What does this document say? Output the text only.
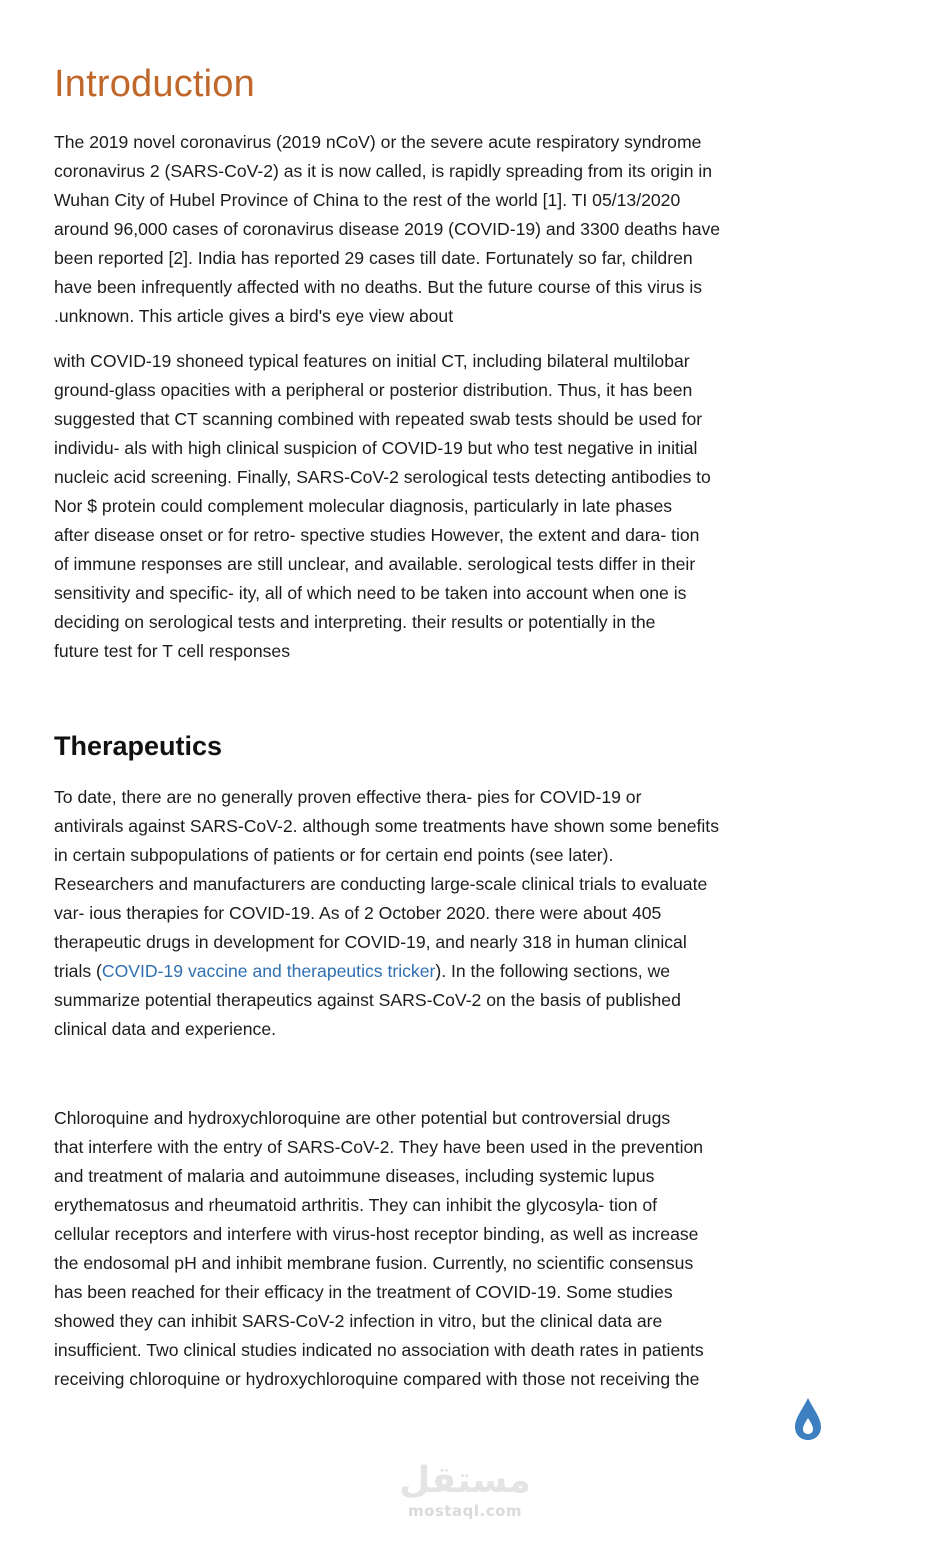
Introduction

The 2019 novel coronavirus (2019 nCoV) or the severe acute respiratory syndrome
coronavirus 2 (SARS-CoV-2) as it is now called, is rapidly spreading from its origin in
Wuhan City of Hubel Province of China to the rest of the world [1]. TI 05/13/2020
around 96,000 cases of coronavirus disease 2019 (COVID-19) and 3300 deaths have
been reported [2]. India has reported 29 cases till date. Fortunately so far, children
have been infrequently affected with no deaths. But the future course of this virus is
.unknown. This article gives a bird's eye view about

with COVID-19 shoneed typical features on initial CT, including bilateral multilobar
ground-glass opacities with a peripheral or posterior distribution. Thus, it has been
suggested that CT scanning combined with repeated swab tests should be used for
individu- als with high clinical suspicion of COVID-19 but who test negative in initial
nucleic acid screening. Finally, SARS-CoV-2 serological tests detecting antibodies to
Nor $ protein could complement molecular diagnosis, particularly in late phases
after disease onset or for retro- spective studies However, the extent and dara- tion
of immune responses are still unclear, and available. serological tests differ in their
sensitivity and specific- ity, all of which need to be taken into account when one is
deciding on serological tests and interpreting. their results or potentially in the
future test for T cell responses

Therapeutics

To date, there are no generally proven effective thera- pies for COVID-19 or
antivirals against SARS-CoV-2. although some treatments have shown some benefits
in certain subpopulations of patients or for certain end points (see later).
Researchers and manufacturers are conducting large-scale clinical trials to evaluate
var- ious therapies for COVID-19. As of 2 October 2020. there were about 405
therapeutic drugs in development for COVID-19, and nearly 318 in human clinical
trials (COVID-19 vaccine and therapeutics tricker). In the following sections, we
summarize potential therapeutics against SARS-CoV-2 on the basis of published
clinical data and experience.

Chloroquine and hydroxychloroquine are other potential but controversial drugs
that interfere with the entry of SARS-CoV-2. They have been used in the prevention
and treatment of malaria and autoimmune diseases, including systemic lupus
erythematosus and rheumatoid arthritis. They can inhibit the glycosyla- tion of
cellular receptors and interfere with virus-host receptor binding, as well as increase
the endosomal pH and inhibit membrane fusion. Currently, no scientific consensus
has been reached for their efficacy in the treatment of COVID-19. Some studies
showed they can inhibit SARS-CoV-2 infection in vitro, but the clinical data are
insufficient. Two clinical studies indicated no association with death rates in patients
receiving chloroquine or hydroxychloroquine compared with those not receiving the

مستقل
mostaql.com
